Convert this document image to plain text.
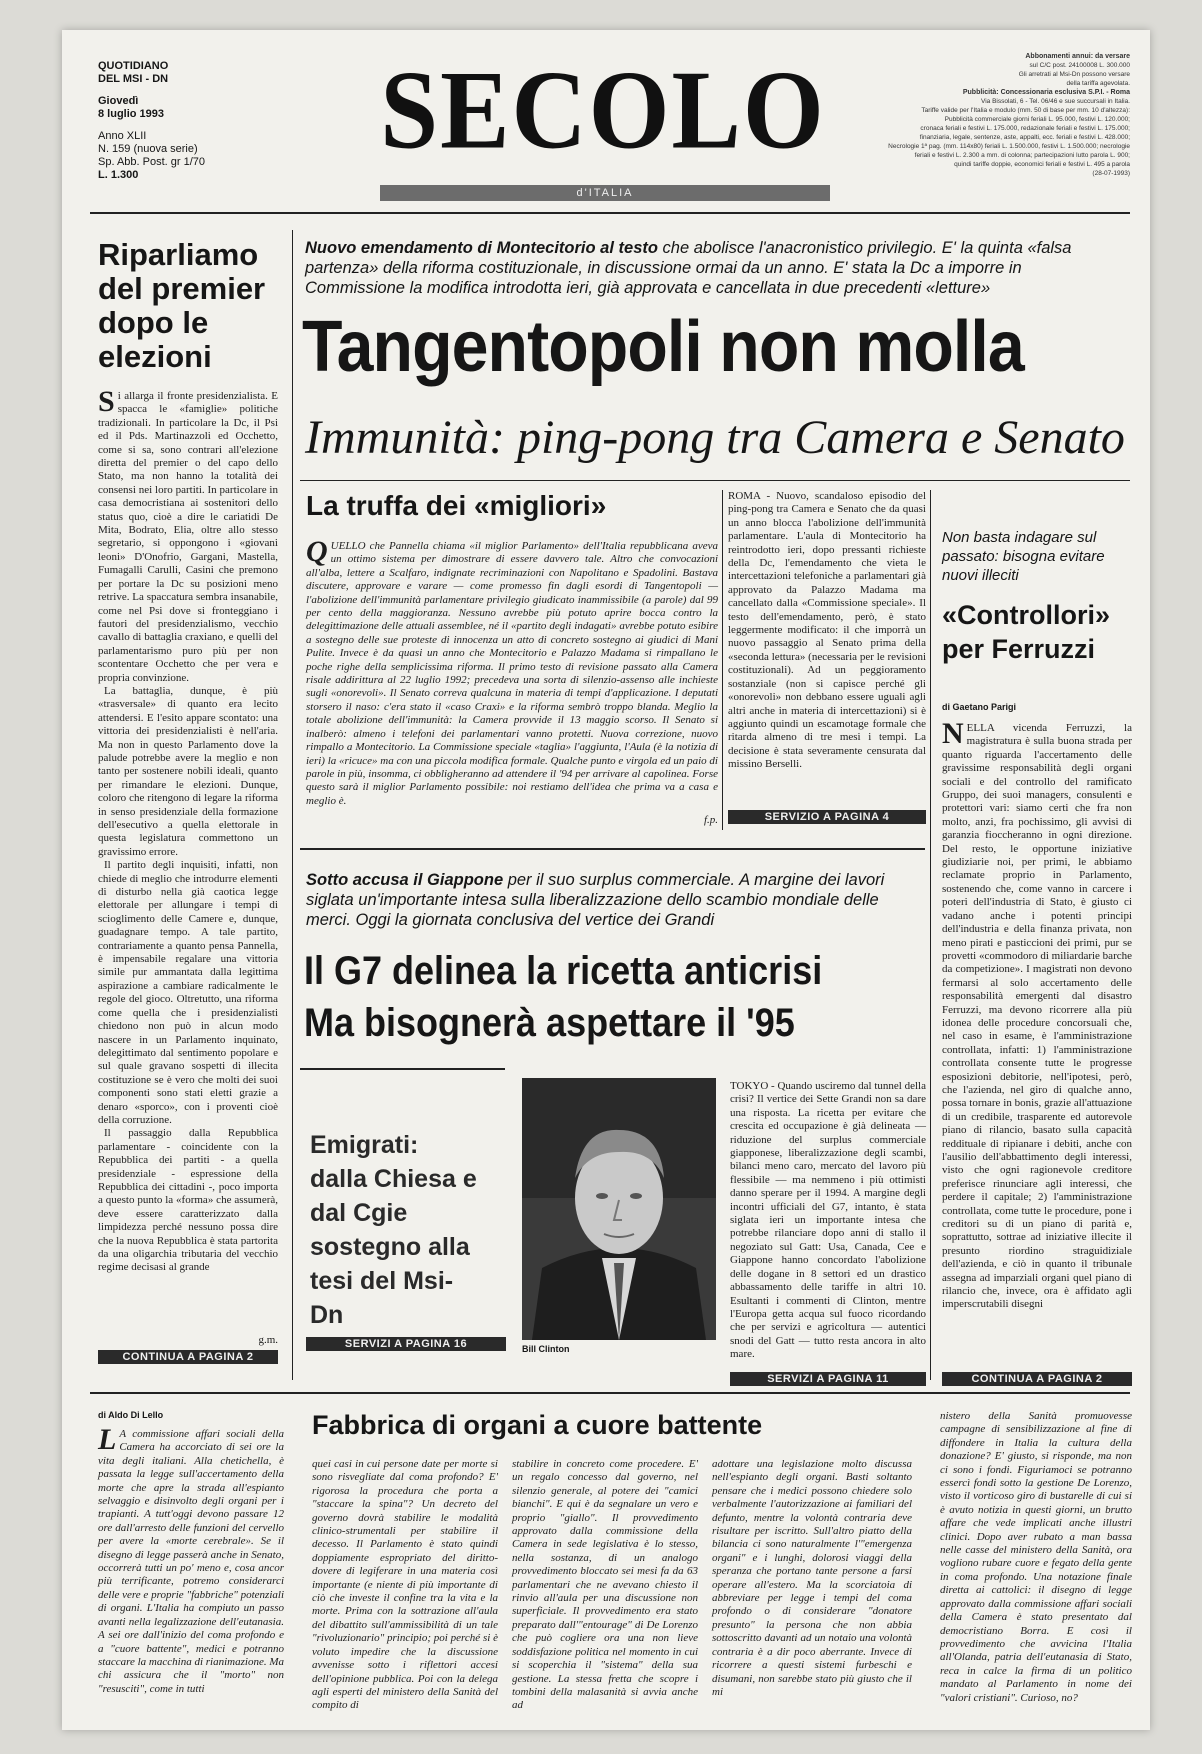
QUOTIDIANO

DEL MSI - DN

Giovedì

8 luglio 1993

Anno XLII

N. 159 (nuova serie)

Sp. Abb. Post. gr 1/70

L. 1.300

SECOLO
d'ITALIA
Abbonamenti annui: da versare
sul C/C post. 24100008 L. 300.000
Gli arretrati al Msi-Dn possono versare
della tariffa agevolata.
Pubblicità: Concessionaria esclusiva S.P.I. - Roma
Via Bissolati, 6 - Tel. 06/46 e sue succursali in Italia.
Tariffe valide per l'Italia e modulo (mm. 50 di base per mm. 10 d'altezza):
Pubblicità commerciale giorni feriali L. 95.000, festivi L. 120.000;
cronaca feriali e festivi L. 175.000, redazionale feriali e festivi L. 175.000;
finanziaria, legale, sentenze, aste, appalti, ecc. feriali e festivi L. 428.000;
Necrologie 1ª pag. (mm. 114x80) feriali L. 1.500.000, festivi L. 1.500.000; necrologie
feriali e festivi L. 2.300 a mm. di colonna; partecipazioni lutto parola L. 900;
quindi tariffe doppie, economici feriali e festivi L. 495 a parola
(28-07-1993)
Riparliamo del premier dopo le elezioni

Si allarga il fronte presidenzialista. E spacca le «famiglie» politiche tradizionali. In particolare la Dc, il Psi ed il Pds. Martinazzoli ed Occhetto, come si sa, sono contrari all'elezione diretta del premier o del capo dello Stato, ma non hanno la totalità dei consensi nei loro partiti. In particolare in casa democristiana ai sostenitori dello status quo, cioè a dire le cariatidi De Mita, Bodrato, Elia, oltre allo stesso segretario, si oppongono i «giovani leoni» D'Onofrio, Gargani, Mastella, Fumagalli Carulli, Casini che premono per portare la Dc su posizioni meno retrive. La spaccatura sembra insanabile, come nel Psi dove si fronteggiano i fautori del presidenzialismo, vecchio cavallo di battaglia craxiano, e quelli del parlamentarismo puro più per non scontentare Occhetto che per vera e propria convinzione.

La battaglia, dunque, è più «trasversale» di quanto era lecito attendersi. E l'esito appare scontato: una vittoria dei presidenzialisti è nell'aria. Ma non in questo Parlamento dove la palude potrebbe avere la meglio e non tanto per sostenere nobili ideali, quanto per rimandare le elezioni. Dunque, coloro che ritengono di legare la riforma in senso presidenziale della formazione dell'esecutivo a quella elettorale in questa legislatura commettono un gravissimo errore.

Il partito degli inquisiti, infatti, non chiede di meglio che introdurre elementi di disturbo nella già caotica legge elettorale per allungare i tempi di scioglimento delle Camere e, dunque, guadagnare tempo. A tale partito, contrariamente a quanto pensa Pannella, è impensabile regalare una vittoria simile pur ammantata dalla legittima aspirazione a cambiare radicalmente le regole del gioco. Oltretutto, una riforma come quella che i presidenzialisti chiedono non può in alcun modo nascere in un Parlamento inquinato, delegittimato dal sentimento popolare e sul quale gravano sospetti di illecita costituzione se è vero che molti dei suoi componenti sono stati eletti grazie a denaro «sporco», con i proventi cioè della corruzione.

Il passaggio dalla Repubblica parlamentare - coincidente con la Repubblica dei partiti - a quella presidenziale - espressione della Repubblica dei cittadini -, poco importa a questo punto la «forma» che assumerà, deve essere caratterizzato dalla limpidezza perché nessuno possa dire che la nuova Repubblica è stata partorita da una oligarchia tributaria del vecchio regime decisasi al grande

g.m.
CONTINUA A PAGINA 2
Nuovo emendamento di Montecitorio al testo che abolisce l'anacronistico privilegio. E' la quinta «falsa partenza» della riforma costituzionale, in discussione ormai da un anno. E' stata la Dc a imporre in Commissione la modifica introdotta ieri, già approvata e cancellata in due precedenti «letture»
Tangentopoli non molla
Immunità: ping-pong tra Camera e Senato
La truffa dei «migliori»

QUELLO che Pannella chiama «il miglior Parlamento» dell'Italia repubblicana aveva un ottimo sistema per dimostrare di essere davvero tale. Altro che convocazioni all'alba, lettere a Scalfaro, indignate recriminazioni con Napolitano e Spadolini. Bastava discutere, approvare e varare — come promesso fin dagli esordi di Tangentopoli — l'abolizione dell'immunità parlamentare privilegio giudicato inammissibile (a parole) dal 99 per cento della maggioranza. Nessuno avrebbe più potuto aprire bocca contro la delegittimazione delle attuali assemblee, né il «partito degli indagati» avrebbe potuto esibire a sostegno delle sue proteste di innocenza un atto di concreto sostegno ai giudici di Mani Pulite. Invece è da quasi un anno che Montecitorio e Palazzo Madama si rimpallano le poche righe della semplicissima riforma. Il primo testo di revisione passato alla Camera risale addirittura al 22 luglio 1992; precedeva una sorta di silenzio-assenso alle inchieste sugli «onorevoli». Il Senato correva qualcuna in materia di tempi d'applicazione. I deputati storsero il naso: c'era stato il «caso Craxi» e la riforma sembrò troppo blanda. Meglio la totale abolizione dell'immunità: la Camera provvide il 13 maggio scorso. Il Senato si inalberò: almeno i telefoni dei parlamentari vanno protetti. Nuova correzione, nuovo rimpallo a Montecitorio. La Commissione speciale «taglia» l'aggiunta, l'Aula (è la notizia di ieri) la «ricuce» ma con una piccola modifica formale. Qualche punto e virgola ed un paio di parole in più, insomma, ci obbligheranno ad attendere il '94 per arrivare al capolinea. Forse questo sarà il miglior Parlamento possibile: noi restiamo dell'idea che prima va a casa e meglio è.

f.p.

ROMA - Nuovo, scandaloso episodio del ping-pong tra Camera e Senato che da quasi un anno blocca l'abolizione dell'immunità parlamentare. L'aula di Montecitorio ha reintrodotto ieri, dopo pressanti richieste della Dc, l'emendamento che vieta le intercettazioni telefoniche a parlamentari già approvato da Palazzo Madama ma cancellato dalla «Commissione speciale». Il testo dell'emendamento, però, è stato leggermente modificato: il che imporrà un nuovo passaggio al Senato prima della «seconda lettura» (necessaria per le revisioni costituzionali). Ad un peggioramento sostanziale (non si capisce perché gli «onorevoli» non debbano essere uguali agli altri anche in materia di intercettazioni) si è aggiunto quindi un escamotage formale che ritarda almeno di tre mesi i tempi. La decisione è stata severamente censurata dal missino Berselli.

SERVIZIO A PAGINA 4
Non basta indagare sul passato: bisogna evitare nuovi illeciti
«Controllori» per Ferruzzi
di Gaetano Parigi

NELLA vicenda Ferruzzi, la magistratura è sulla buona strada per quanto riguarda l'accertamento delle gravissime responsabilità degli organi sociali e del controllo del ramificato Gruppo, dei suoi managers, consulenti e protettori vari: siamo certi che fra non molto, anzi, fra pochissimo, gli avvisi di garanzia fioccheranno in ogni direzione. Del resto, le opportune iniziative giudiziarie noi, per primi, le abbiamo reclamate proprio in Parlamento, sostenendo che, come vanno in carcere i poteri dell'industria di Stato, è giusto ci vadano anche i potenti principi dell'industria e della finanza privata, non meno pirati e pasticcioni dei primi, pur se provetti «commodoro di miliardarie barche da competizione». I magistrati non devono fermarsi al solo accertamento delle responsabilità emergenti dal disastro Ferruzzi, ma devono ricorrere alla più idonea delle procedure concorsuali che, nel caso in esame, è l'amministrazione controllata, infatti: 1) l'amministrazione controllata consente tutte le progresse esposizioni debitorie, nell'ipotesi, però, che l'azienda, nel giro di qualche anno, possa tornare in bonis, grazie all'attuazione di un credibile, trasparente ed autorevole piano di rilancio, basato sulla capacità reddituale di ripianare i debiti, anche con l'ausilio dell'abbattimento degli interessi, visto che ogni ragionevole creditore preferisce rinunciare agli interessi, che perdere il capitale; 2) l'amministrazione controllata, come tutte le procedure, pone i creditori su di un piano di parità e, soprattutto, sottrae ad iniziative illecite il presunto riordino straguidiziale dell'azienda, e ciò in quanto il tribunale assegna ad imparziali organi quel piano di rilancio che, invece, ora è affidato agli imperscrutabili disegni

CONTINUA A PAGINA 2
Sotto accusa il Giappone per il suo surplus commerciale. A margine dei lavori siglata un'importante intesa sulla liberalizzazione dello scambio mondiale delle merci. Oggi la giornata conclusiva del vertice dei Grandi
Il G7 delinea la ricetta anticrisi
Ma bisognerà aspettare il '95
Emigrati: dalla Chiesa e dal Cgie sostegno alla tesi del Msi-Dn
SERVIZI A PAGINA 16	Bill Clinton

TOKYO - Quando usciremo dal tunnel della crisi? Il vertice dei Sette Grandi non sa dare una risposta. La ricetta per evitare che crescita ed occupazione è già delineata — riduzione del surplus commerciale giapponese, liberalizzazione degli scambi, bilanci meno caro, mercato del lavoro più flessibile — ma nemmeno i più ottimisti danno sperare per il 1994. A margine degli incontri ufficiali del G7, intanto, è stata siglata ieri un importante intesa che potrebbe rilanciare dopo anni di stallo il negoziato sul Gatt: Usa, Canada, Cee e Giappone hanno concordato l'abolizione delle dogane in 8 settori ed un drastico abbassamento delle tariffe in altri 10. Esultanti i commenti di Clinton, mentre l'Europa getta acqua sul fuoco ricordando che per servizi e agricoltura — autentici snodi del Gatt — tutto resta ancora in alto mare.

SERVIZI A PAGINA 11
di Aldo Di Lello	Fabbrica di organi a cuore battente

L A commissione affari sociali della Camera ha accorciato di sei ore la vita degli italiani. Alla chetichella, è passata la legge sull'accertamento della morte che apre la strada all'espianto selvaggio e disinvolto degli organi per i trapianti. A tutt'oggi devono passare 12 ore dall'arresto delle funzioni del cervello per avere la «morte cerebrale». Se il disegno di legge passerà anche in Senato, occorrerà tutti un po' meno e, cosa ancor più terrificante, potremo considerarci delle vere e proprie "fabbriche" potenziali di organi. L'Italia ha compiuto un passo avanti nella legalizzazione dell'eutanasia. A sei ore dall'inizio del coma profondo e a "cuore battente", medici e potranno staccare la macchina di rianimazione. Ma chi assicura che il "morto" non "resusciti", come in tutti

quei casi in cui persone date per morte si sono risvegliate dal coma profondo? E' rigorosa la procedura che porta a "staccare la spina"? Un decreto del governo dovrà stabilire le modalità clinico-strumentali per stabilire il decesso. Il Parlamento è stato quindi doppiamente espropriato del diritto-dovere di legiferare in una materia così importante (e niente di più importante di ciò che investe il confine tra la vita e la morte. Prima con la sottrazione all'aula del dibattito sull'ammissibilità di un tale "rivoluzionario" principio; poi perché si è voluto impedire che la discussione avvenisse sotto i riflettori accesi dell'opinione pubblica. Poi con la delega agli esperti del ministero della Sanità del compito di

stabilire in concreto come procedere. E' un regalo concesso dal governo, nel silenzio generale, al potere dei "camici bianchi". E qui è da segnalare un vero e proprio "giallo". Il provvedimento approvato dalla commissione della Camera in sede legislativa è lo stesso, nella sostanza, di un analogo provvedimento bloccato sei mesi fa da 63 parlamentari che ne avevano chiesto il rinvio all'aula per una discussione non superficiale. Il provvedimento era stato preparato dall'"entourage" di De Lorenzo che può cogliere ora una non lieve soddisfazione politica nel momento in cui si scoperchia il "sistema" della sua gestione. La stessa fretta che scopre i tombini della malasanità si avvia anche ad

adottare una legislazione molto discussa nell'espianto degli organi. Basti soltanto pensare che i medici possono chiedere solo verbalmente l'autorizzazione ai familiari del defunto, mentre la volontà contraria deve risultare per iscritto. Sull'altro piatto della bilancia ci sono naturalmente l'"emergenza organi" e i lunghi, dolorosi viaggi della speranza che portano tante persone a farsi operare all'estero. Ma la scorciatoia di abbreviare per legge i tempi del coma profondo o di considerare "donatore presunto" la persona che non abbia sottoscritto davanti ad un notaio una volontà contraria è a dir poco aberrante. Invece di ricorrere a questi sistemi furbeschi e disumani, non sarebbe stato più giusto che il mi

nistero della Sanità promuovesse campagne di sensibilizzazione al fine di diffondere in Italia la cultura della donazione? E' giusto, si risponde, ma non ci sono i fondi. Figuriamoci se potranno essercì fondi sotto la gestione De Lorenzo, visto il vorticoso giro di bustarelle di cui si è avuto notizia in questi giorni, un brutto affare che vede implicati anche illustri clinici. Dopo aver rubato a man bassa nelle casse del ministero della Sanità, ora vogliono rubare cuore e fegato della gente in coma profondo. Una notazione finale diretta ai cattolici: il disegno di legge approvato dalla commissione affari sociali della Camera è stato presentato dal democristiano Borra. E così il provvedimento che avvicina l'Italia all'Olanda, patria dell'eutanasia di Stato, reca in calce la firma di un politico mandato al Parlamento in nome dei "valori cristiani". Curioso, no?
